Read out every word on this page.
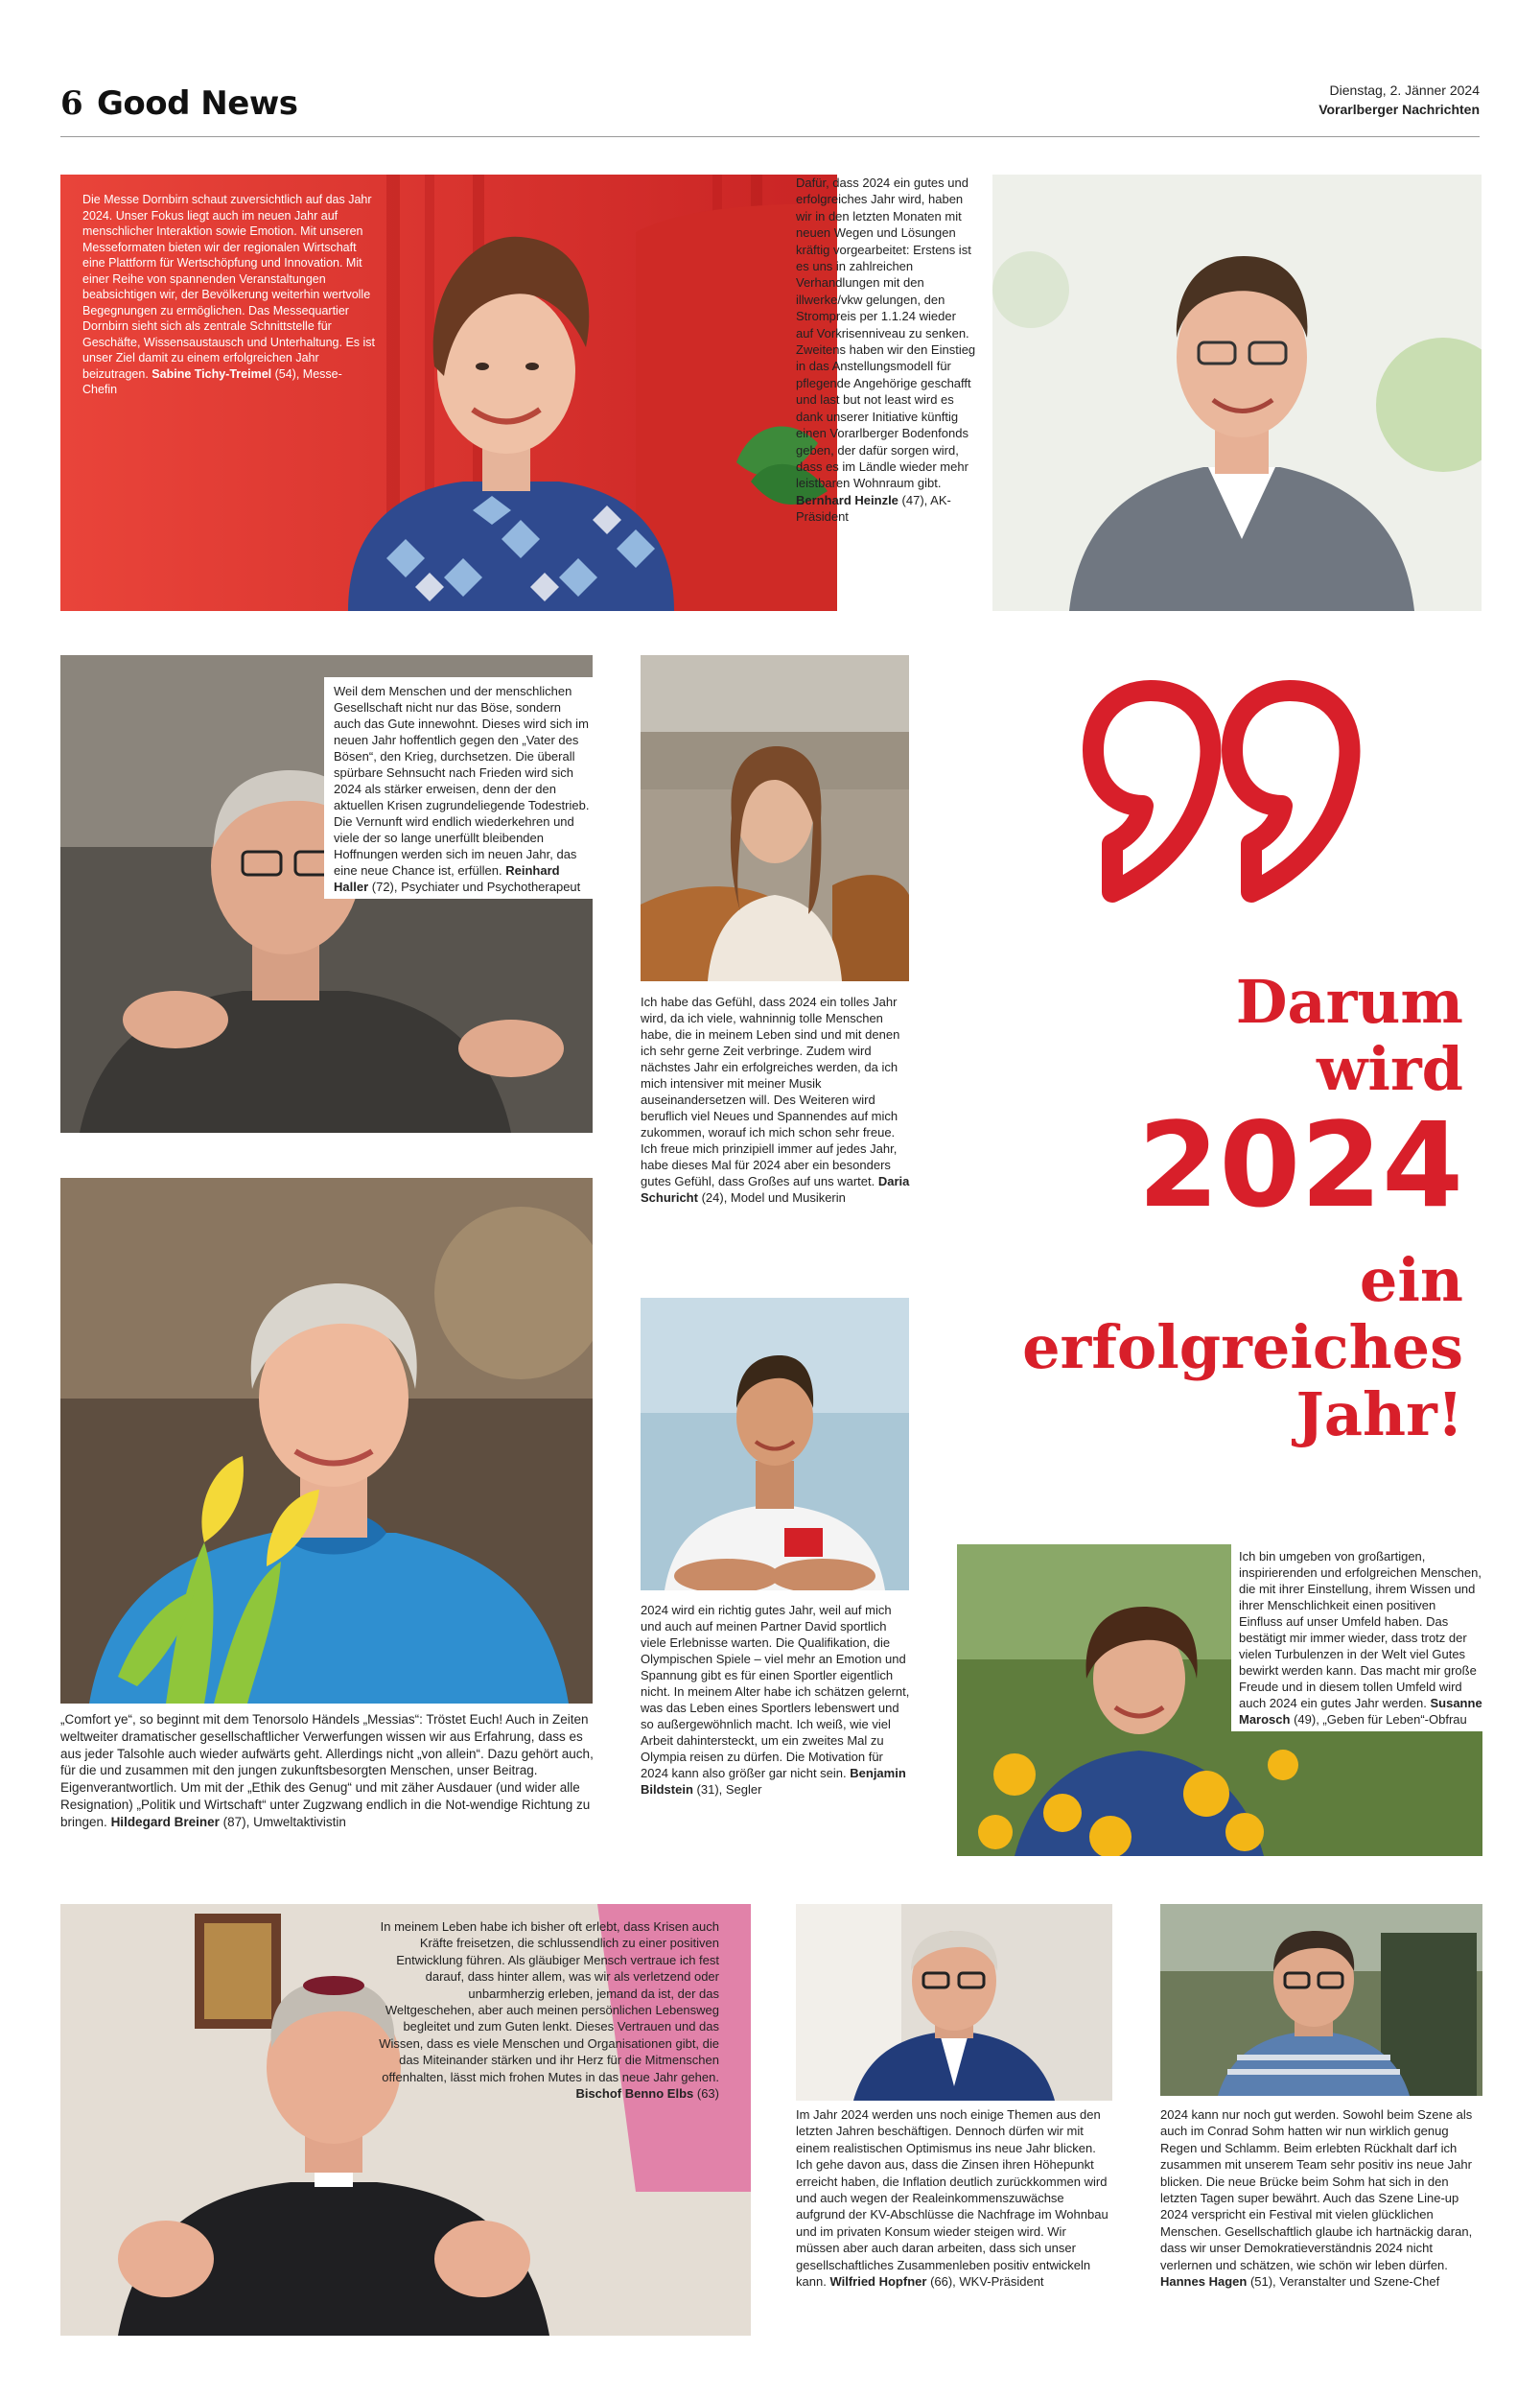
6 Good News	Dienstag, 2. Jänner 2024
Vorarlberger Nachrichten
Die Messe Dornbirn schaut zuversichtlich auf das Jahr 2024. Unser Fokus liegt auch im neuen Jahr auf menschlicher Interaktion sowie Emotion. Mit unseren Messeformaten bieten wir der regionalen Wirtschaft eine Plattform für Wertschöpfung und Innovation. Mit einer Reihe von spannenden Veranstaltungen beabsichtigen wir, der Bevölkerung weiterhin wertvolle Begegnungen zu ermöglichen. Das Messequartier Dornbirn sieht sich als zentrale Schnittstelle für Geschäfte, Wissensaustausch und Unterhaltung. Es ist unser Ziel damit zu einem erfolgreichen Jahr beizutragen. Sabine Tichy-Treimel (54), Messe-Chefin
Dafür, dass 2024 ein gutes und erfolgreiches Jahr wird, haben wir in den letzten Monaten mit neuen Wegen und Lösungen kräftig vorgearbeitet: Erstens ist es uns in zahlreichen Verhandlungen mit den illwerke/vkw gelungen, den Strompreis per 1.1.24 wieder auf Vorkrisenniveau zu senken. Zweitens haben wir den Einstieg in das Anstellungsmodell für pflegende Angehörige geschafft und last but not least wird es dank unserer Initiative künftig einen Vorarlberger Bodenfonds geben, der dafür sorgen wird, dass es im Ländle wieder mehr leistbaren Wohnraum gibt. Bernhard Heinzle (47), AK-Präsident
Weil dem Menschen und der menschlichen Gesellschaft nicht nur das Böse, sondern auch das Gute innewohnt. Dieses wird sich im neuen Jahr hoffentlich gegen den „Vater des Bösen“, den Krieg, durchsetzen. Die überall spürbare Sehnsucht nach Frieden wird sich 2024 als stärker erweisen, denn der den aktuellen Krisen zugrundeliegende Todestrieb. Die Vernunft wird endlich wiederkehren und viele der so lange unerfüllt bleibenden Hoffnungen werden sich im neuen Jahr, das eine neue Chance ist, erfüllen. Reinhard Haller (72), Psychiater und Psychotherapeut
Ich habe das Gefühl, dass 2024 ein tolles Jahr wird, da ich viele, wahninnig tolle Menschen habe, die in meinem Leben sind und mit denen ich sehr gerne Zeit verbringe. Zudem wird nächstes Jahr ein erfolgreiches werden, da ich mich intensiver mit meiner Musik auseinandersetzen will. Des Weiteren wird beruflich viel Neues und Spannendes auf mich zukommen, worauf ich mich schon sehr freue. Ich freue mich prinzipiell immer auf jedes Jahr, habe dieses Mal für 2024 aber ein besonders gutes Gefühl, dass Großes auf uns wartet. Daria Schuricht (24), Model und Musikerin
Darum
wird
2024
ein
erfolgreiches
Jahr!
„Comfort ye“, so beginnt mit dem Tenorsolo Händels „Messias“: Tröstet Euch! Auch in Zeiten weltweiter dramatischer gesellschaftlicher Verwerfungen wissen wir aus Erfahrung, dass es aus jeder Talsohle auch wieder aufwärts geht. Allerdings nicht „von allein“. Dazu gehört auch, für die und zusammen mit den jungen zukunftsbesorgten Menschen, unser Beitrag. Eigenverantwortlich. Um mit der „Ethik des Genug“ und mit zäher Ausdauer (und wider alle Resignation) „Politik und Wirtschaft“ unter Zugzwang endlich in die Not-wendige Richtung zu bringen. Hildegard Breiner (87), Umweltaktivistin
2024 wird ein richtig gutes Jahr, weil auf mich und auch auf meinen Partner David sportlich viele Erlebnisse warten. Die Qualifikation, die Olympischen Spiele – viel mehr an Emotion und Spannung gibt es für einen Sportler eigentlich nicht. In meinem Alter habe ich schätzen gelernt, was das Leben eines Sportlers lebenswert und so außergewöhnlich macht. Ich weiß, wie viel Arbeit dahintersteckt, um ein zweites Mal zu Olympia reisen zu dürfen. Die Motivation für 2024 kann also größer gar nicht sein. Benjamin Bildstein (31), Segler
Ich bin umgeben von großartigen, inspirierenden und erfolgreichen Menschen, die mit ihrer Einstellung, ihrem Wissen und ihrer Menschlichkeit einen positiven Einfluss auf unser Umfeld haben. Das bestätigt mir immer wieder, dass trotz der vielen Turbulenzen in der Welt viel Gutes bewirkt werden kann. Das macht mir große Freude und in diesem tollen Umfeld wird auch 2024 ein gutes Jahr werden. Susanne Marosch (49), „Geben für Leben“-Obfrau
In meinem Leben habe ich bisher oft erlebt, dass Krisen auch Kräfte freisetzen, die schlussendlich zu einer positiven Entwicklung führen. Als gläubiger Mensch vertraue ich fest darauf, dass hinter allem, was wir als verletzend oder unbarmherzig erleben, jemand da ist, der das Weltgeschehen, aber auch meinen persönlichen Lebensweg begleitet und zum Guten lenkt. Dieses Vertrauen und das Wissen, dass es viele Menschen und Organisationen gibt, die das Miteinander stärken und ihr Herz für die Mitmenschen offenhalten, lässt mich frohen Mutes in das neue Jahr gehen. Bischof Benno Elbs (63)
Im Jahr 2024 werden uns noch einige Themen aus den letzten Jahren beschäftigen. Dennoch dürfen wir mit einem realistischen Optimismus ins neue Jahr blicken. Ich gehe davon aus, dass die Zinsen ihren Höhepunkt erreicht haben, die Inflation deutlich zurückkommen wird und auch wegen der Realeinkommenszuwächse aufgrund der KV-Abschlüsse die Nachfrage im Wohnbau und im privaten Konsum wieder steigen wird. Wir müssen aber auch daran arbeiten, dass sich unser gesellschaftliches Zusammenleben positiv entwickeln kann. Wilfried Hopfner (66), WKV-Präsident
2024 kann nur noch gut werden. Sowohl beim Szene als auch im Conrad Sohm hatten wir nun wirklich genug Regen und Schlamm. Beim erlebten Rückhalt darf ich zusammen mit unserem Team sehr positiv ins neue Jahr blicken. Die neue Brücke beim Sohm hat sich in den letzten Tagen super bewährt. Auch das Szene Line-up 2024 verspricht ein Festival mit vielen glücklichen Menschen. Gesellschaftlich glaube ich hartnäckig daran, dass wir unser Demokratieverständnis 2024 nicht verlernen und schätzen, wie schön wir leben dürfen. Hannes Hagen (51), Veranstalter und Szene-Chef
